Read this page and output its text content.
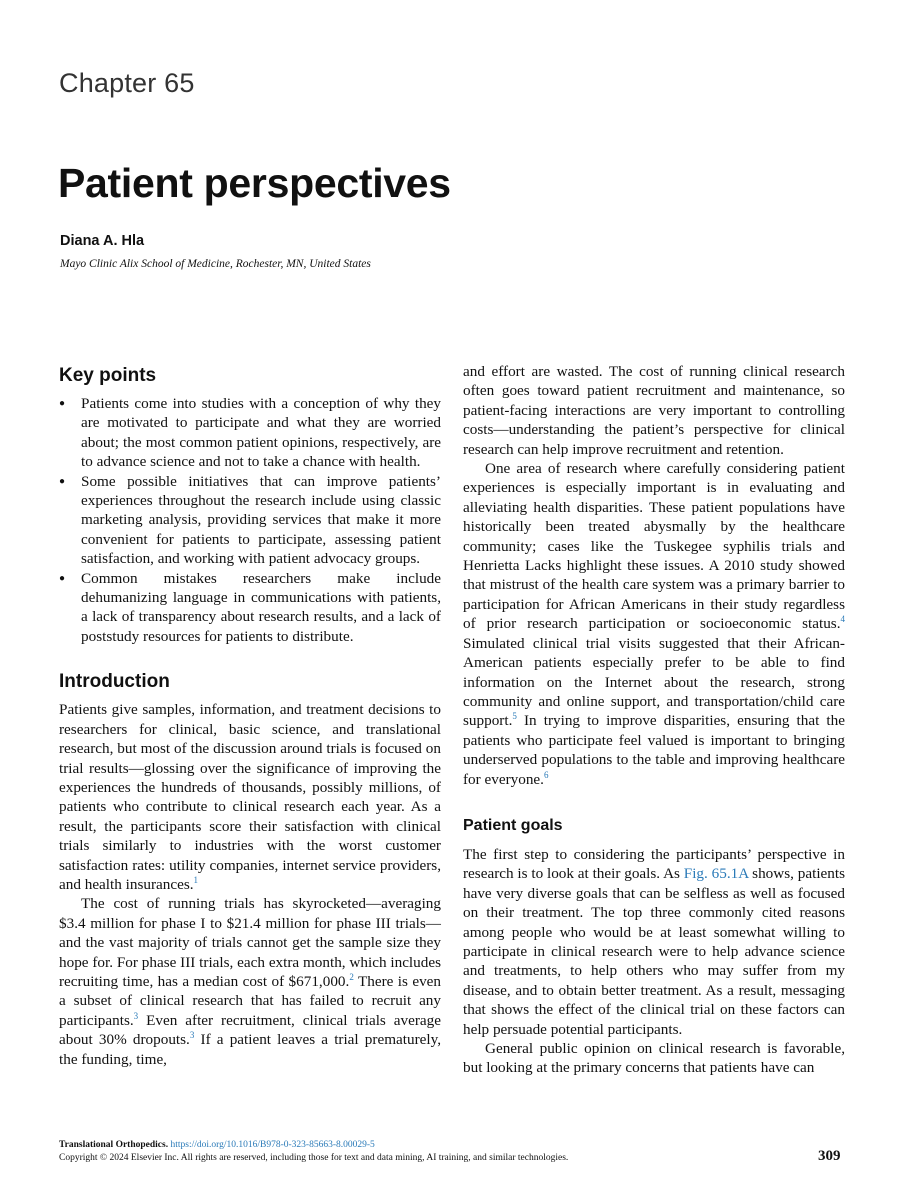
Chapter 65
Patient perspectives
Diana A. Hla
Mayo Clinic Alix School of Medicine, Rochester, MN, United States
Key points
● Patients come into studies with a conception of why they are motivated to participate and what they are worried about; the most common patient opinions, respectively, are to advance science and not to take a chance with health.
● Some possible initiatives that can improve patients’ experiences throughout the research include using classic marketing analysis, providing services that make it more convenient for patients to participate, assessing patient satisfaction, and working with patient advocacy groups.
● Common mistakes researchers make include dehumanizing language in communications with patients, a lack of transparency about research results, and a lack of poststudy resources for patients to distribute.
Introduction

Patients give samples, information, and treatment decisions to researchers for clinical, basic science, and translational research, but most of the discussion around trials is focused on trial results—glossing over the significance of improving the experiences the hundreds of thousands, possibly millions, of patients who contribute to clinical research each year. As a result, the participants score their satisfaction with clinical trials similarly to industries with the worst customer satisfaction rates: utility companies, internet service providers, and health insurances.$^1$

The cost of running trials has skyrocketed—averaging $3.4 million for phase I to $21.4 million for phase III trials—and the vast majority of trials cannot get the sample size they hope for. For phase III trials, each extra month, which includes recruiting time, has a median cost of $671,000.$^2$ There is even a subset of clinical research that has failed to recruit any participants.$^3$ Even after recruitment, clinical trials average about 30% dropouts.$^3$ If a patient leaves a trial prematurely, the funding, time,

and effort are wasted. The cost of running clinical research often goes toward patient recruitment and maintenance, so patient-facing interactions are very important to controlling costs—understanding the patient’s perspective for clinical research can help improve recruitment and retention.

One area of research where carefully considering patient experiences is especially important is in evaluating and alleviating health disparities. These patient populations have historically been treated abysmally by the healthcare community; cases like the Tuskegee syphilis trials and Henrietta Lacks highlight these issues. A 2010 study showed that mistrust of the health care system was a primary barrier to participation for African Americans in their study regardless of prior research participation or socioeconomic status.$^4$ Simulated clinical trial visits suggested that their African-American patients especially prefer to be able to find information on the Internet about the research, strong community and online support, and transportation/child care support.$^5$ In trying to improve disparities, ensuring that the patients who participate feel valued is important to bringing underserved populations to the table and improving healthcare for everyone.$^6$

Patient goals

The first step to considering the participants’ perspective in research is to look at their goals. As Fig. 65.1A shows, patients have very diverse goals that can be selfless as well as focused on their treatment. The top three commonly cited reasons among people who would be at least somewhat willing to participate in clinical research were to help advance science and treatments, to help others who may suffer from my disease, and to obtain better treatment. As a result, messaging that shows the effect of the clinical trial on these factors can help persuade potential participants.

General public opinion on clinical research is favorable, but looking at the primary concerns that patients have can

Translational Orthopedics. https://doi.org/10.1016/B978-0-323-85663-8.00029-5
Copyright © 2024 Elsevier Inc. All rights are reserved, including those for text and data mining, AI training, and similar technologies.	309
